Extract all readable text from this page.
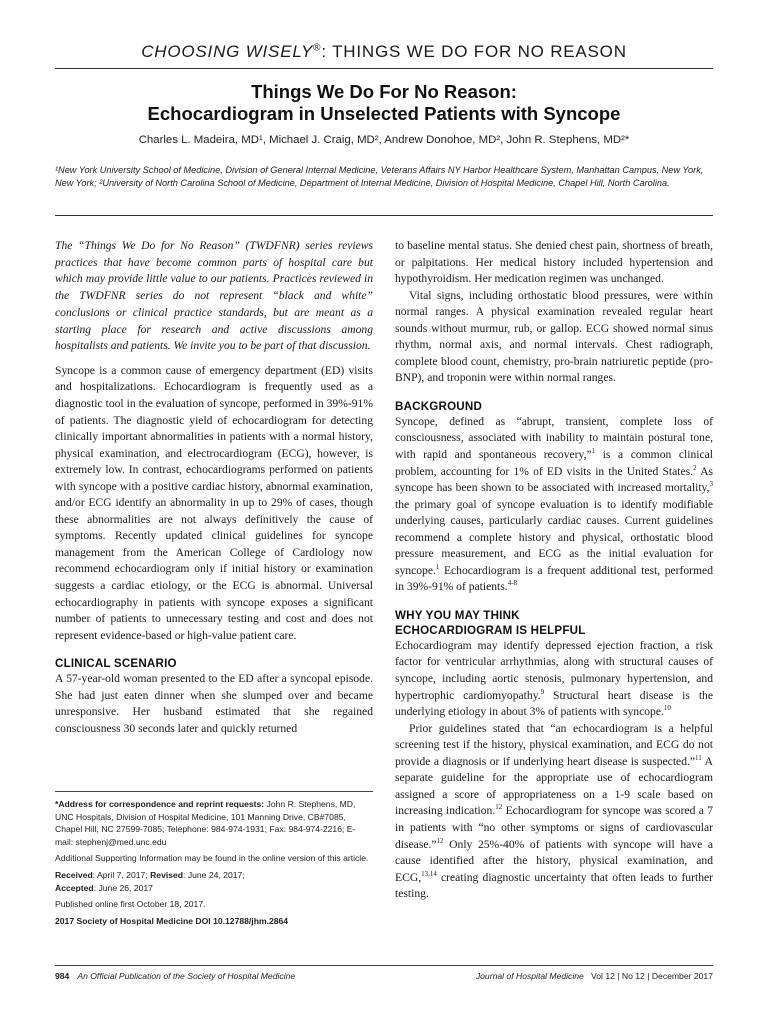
CHOOSING WISELY®: THINGS WE DO FOR NO REASON
Things We Do For No Reason:
Echocardiogram in Unselected Patients with Syncope
Charles L. Madeira, MD¹, Michael J. Craig, MD², Andrew Donohoe, MD², John R. Stephens, MD²*
¹New York University School of Medicine, Division of General Internal Medicine, Veterans Affairs NY Harbor Healthcare System, Manhattan Campus, New York, New York; ²University of North Carolina School of Medicine, Department of Internal Medicine, Division of Hospital Medicine, Chapel Hill, North Carolina.

The “Things We Do for No Reason” (TWDFNR) series reviews practices that have become common parts of hospital care but which may provide little value to our patients. Practices reviewed in the TWDFNR series do not represent “black and white” conclusions or clinical practice standards, but are meant as a starting place for research and active discussions among hospitalists and patients. We invite you to be part of that discussion.

Syncope is a common cause of emergency department (ED) visits and hospitalizations. Echocardiogram is frequently used as a diagnostic tool in the evaluation of syncope, performed in 39%-91% of patients. The diagnostic yield of echocardiogram for detecting clinically important abnormalities in patients with a normal history, physical examination, and electrocardiogram (ECG), however, is extremely low. In contrast, echocardiograms performed on patients with syncope with a positive cardiac history, abnormal examination, and/or ECG identify an abnormality in up to 29% of cases, though these abnormalities are not always definitively the cause of symptoms. Recently updated clinical guidelines for syncope management from the American College of Cardiology now recommend echocardiogram only if initial history or examination suggests a cardiac etiology, or the ECG is abnormal. Universal echocardiography in patients with syncope exposes a significant number of patients to unnecessary testing and cost and does not represent evidence-based or high-value patient care.

CLINICAL SCENARIO

A 57-year-old woman presented to the ED after a syncopal episode. She had just eaten dinner when she slumped over and became unresponsive. Her husband estimated that she regained consciousness 30 seconds later and quickly returned

*Address for correspondence and reprint requests: John R. Stephens, MD, UNC Hospitals, Division of Hospital Medicine, 101 Manning Drive, CB#7085, Chapel Hill, NC 27599-7085; Telephone: 984-974-1931; Fax: 984-974-2216; E-mail: stephenj@med.unc.edu
Additional Supporting Information may be found in the online version of this article.
Received: April 7, 2017; Revised: June 24, 2017;
Accepted: June 26, 2017
Published online first October 18, 2017.
2017 Society of Hospital Medicine DOI 10.12788/jhm.2864

to baseline mental status. She denied chest pain, shortness of breath, or palpitations. Her medical history included hypertension and hypothyroidism. Her medication regimen was unchanged.

Vital signs, including orthostatic blood pressures, were within normal ranges. A physical examination revealed regular heart sounds without murmur, rub, or gallop. ECG showed normal sinus rhythm, normal axis, and normal intervals. Chest radiograph, complete blood count, chemistry, pro-brain natriuretic peptide (pro-BNP), and troponin were within normal ranges.

BACKGROUND

Syncope, defined as “abrupt, transient, complete loss of consciousness, associated with inability to maintain postural tone, with rapid and spontaneous recovery,”$^1$ is a common clinical problem, accounting for 1% of ED visits in the United States.$^2$ As syncope has been shown to be associated with increased mortality,$^3$ the primary goal of syncope evaluation is to identify modifiable underlying causes, particularly cardiac causes. Current guidelines recommend a complete history and physical, orthostatic blood pressure measurement, and ECG as the initial evaluation for syncope.$^1$ Echocardiogram is a frequent additional test, performed in 39%-91% of patients.$^{4-8}$

WHY YOU MAY THINK
ECHOCARDIOGRAM IS HELPFUL

Echocardiogram may identify depressed ejection fraction, a risk factor for ventricular arrhythmias, along with structural causes of syncope, including aortic stenosis, pulmonary hypertension, and hypertrophic cardiomyopathy.$^9$ Structural heart disease is the underlying etiology in about 3% of patients with syncope.$^{10}$

Prior guidelines stated that “an echocardiogram is a helpful screening test if the history, physical examination, and ECG do not provide a diagnosis or if underlying heart disease is suspected.”$^{11}$ A separate guideline for the appropriate use of echocardiogram assigned a score of appropriateness on a 1-9 scale based on increasing indication.$^{12}$ Echocardiogram for syncope was scored a 7 in patients with “no other symptoms or signs of cardiovascular disease.”$^{12}$ Only 25%-40% of patients with syncope will have a cause identified after the history, physical examination, and ECG,$^{13,14}$ creating diagnostic uncertainty that often leads to further testing.

984 An Official Publication of the Society of Hospital Medicine	Journal of Hospital Medicine Vol 12 | No 12 | December 2017
